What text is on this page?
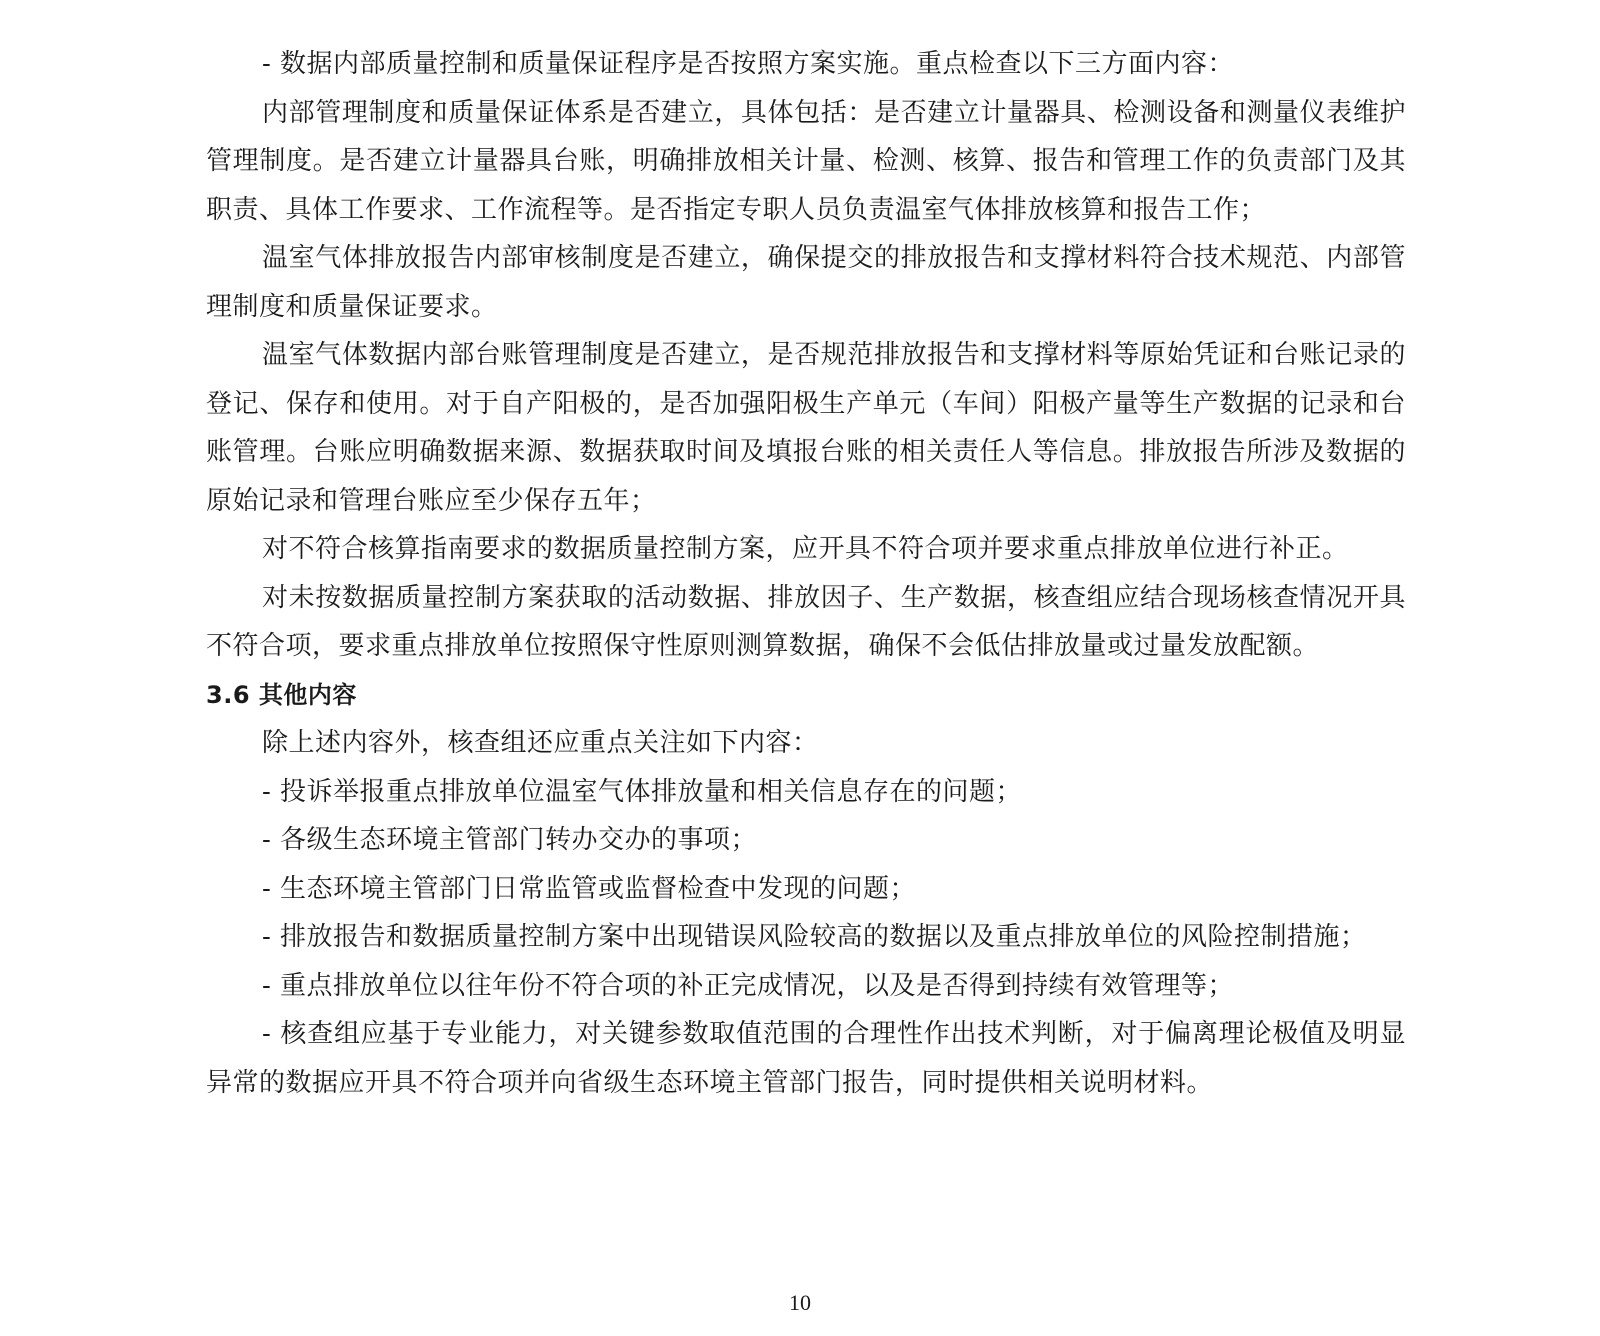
- 数据内部质量控制和质量保证程序是否按照方案实施。重点检查以下三方面内容：

内部管理制度和质量保证体系是否建立，具体包括：是否建立计量器具、检测设备和测量仪表维护管理制度。是否建立计量器具台账，明确排放相关计量、检测、核算、报告和管理工作的负责部门及其职责、具体工作要求、工作流程等。是否指定专职人员负责温室气体排放核算和报告工作；

温室气体排放报告内部审核制度是否建立，确保提交的排放报告和支撑材料符合技术规范、内部管理制度和质量保证要求。

温室气体数据内部台账管理制度是否建立，是否规范排放报告和支撑材料等原始凭证和台账记录的登记、保存和使用。对于自产阳极的，是否加强阳极生产单元（车间）阳极产量等生产数据的记录和台账管理。台账应明确数据来源、数据获取时间及填报台账的相关责任人等信息。排放报告所涉及数据的原始记录和管理台账应至少保存五年；

对不符合核算指南要求的数据质量控制方案，应开具不符合项并要求重点排放单位进行补正。

对未按数据质量控制方案获取的活动数据、排放因子、生产数据，核查组应结合现场核查情况开具不符合项，要求重点排放单位按照保守性原则测算数据，确保不会低估排放量或过量发放配额。

3.6 其他内容

除上述内容外，核查组还应重点关注如下内容：

- 投诉举报重点排放单位温室气体排放量和相关信息存在的问题；

- 各级生态环境主管部门转办交办的事项；

- 生态环境主管部门日常监管或监督检查中发现的问题；

- 排放报告和数据质量控制方案中出现错误风险较高的数据以及重点排放单位的风险控制措施；

- 重点排放单位以往年份不符合项的补正完成情况，以及是否得到持续有效管理等；

- 核查组应基于专业能力，对关键参数取值范围的合理性作出技术判断，对于偏离理论极值及明显异常的数据应开具不符合项并向省级生态环境主管部门报告，同时提供相关说明材料。

10
